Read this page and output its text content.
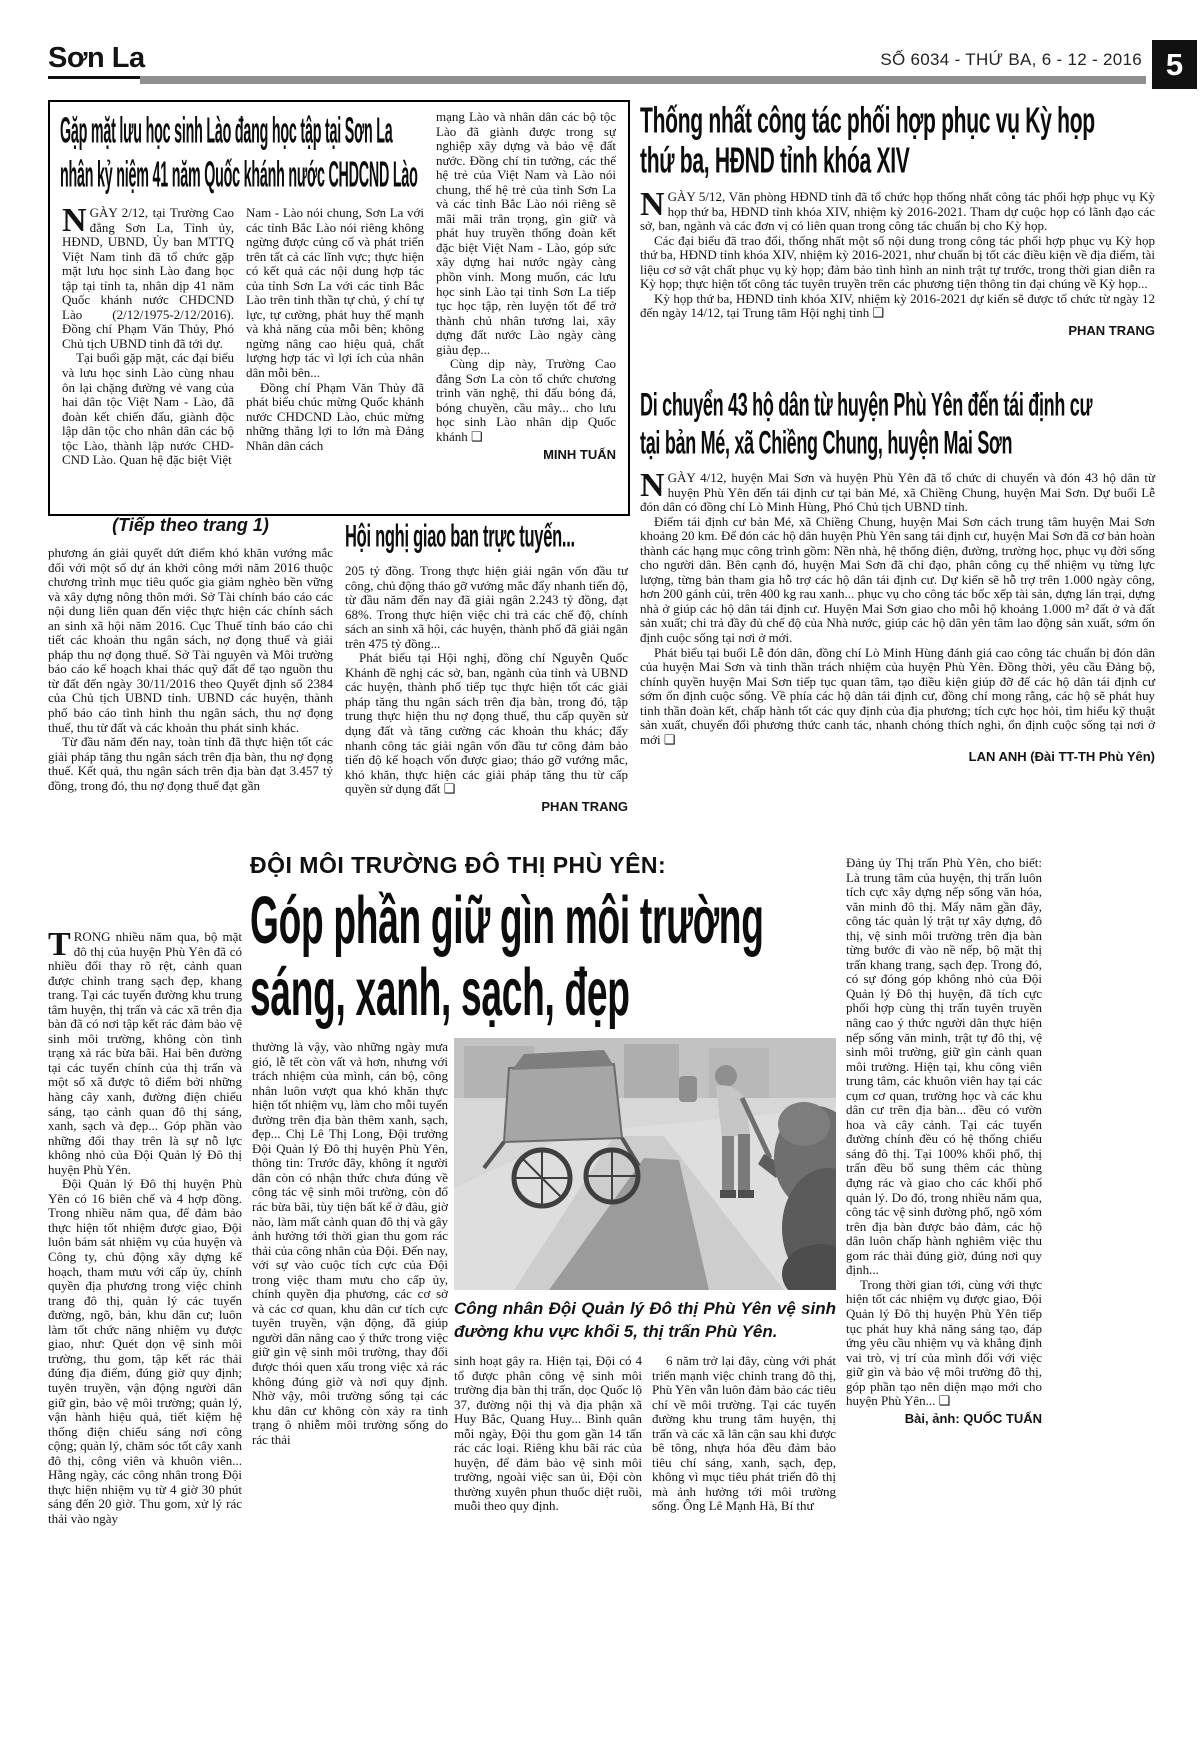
Sơn La	SỐ 6034 - THỨ BA, 6 - 12 - 2016 5
Gặp mặt lưu học sinh Lào đang học tập tại Sơn La
nhân kỷ niệm 41 năm Quốc khánh nước CHDCND Lào

NGÀY 2/12, tại Trường Cao đẳng Sơn La, Tỉnh ủy, HĐND, UBND, Ủy ban MTTQ Việt Nam tỉnh đã tổ chức gặp mặt lưu học sinh Lào đang học tập tại tỉnh ta, nhân dịp 41 năm Quốc khánh nước CHDCND Lào (2/12/1975-2/12/2016). Đồng chí Phạm Văn Thủy, Phó Chủ tịch UBND tỉnh đã tới dự.

Tại buổi gặp mặt, các đại biểu và lưu học sinh Lào cùng nhau ôn lại chặng đường vẻ vang của hai dân tộc Việt Nam - Lào, đã đoàn kết chiến đấu, giành độc lập dân tộc cho nhân dân các bộ tộc Lào, thành lập nước CHD-CND Lào. Quan hệ đặc biệt Việt

Nam - Lào nói chung, Sơn La với các tỉnh Bắc Lào nói riêng không ngừng được củng cố và phát triển trên tất cả các lĩnh vực; thực hiện có kết quả các nội dung hợp tác của tỉnh Sơn La với các tỉnh Bắc Lào trên tinh thần tự chủ, ý chí tự lực, tự cường, phát huy thế mạnh và khả năng của mỗi bên; không ngừng nâng cao hiệu quả, chất lượng hợp tác vì lợi ích của nhân dân mỗi bên...

Đồng chí Phạm Văn Thủy đã phát biểu chúc mừng Quốc khánh nước CHDCND Lào, chúc mừng những thắng lợi to lớn mà Đảng Nhân dân cách

mạng Lào và nhân dân các bộ tộc Lào đã giành được trong sự nghiệp xây dựng và bảo vệ đất nước. Đồng chí tin tưởng, các thế hệ trẻ của Việt Nam và Lào nói chung, thế hệ trẻ của tỉnh Sơn La và các tỉnh Bắc Lào nói riêng sẽ mãi mãi trân trọng, gìn giữ và phát huy truyền thống đoàn kết đặc biệt Việt Nam - Lào, góp sức xây dựng hai nước ngày càng phồn vinh. Mong muốn, các lưu học sinh Lào tại tỉnh Sơn La tiếp tục học tập, rèn luyện tốt để trở thành chủ nhân tương lai, xây dựng đất nước Lào ngày càng giàu đẹp...

Cùng dịp này, Trường Cao đẳng Sơn La còn tổ chức chương trình văn nghệ, thi đấu bóng đá, bóng chuyền, cầu mây... cho lưu học sinh Lào nhân dịp Quốc khánh ❑

MINH TUẤN
Thống nhất công tác phối hợp phục vụ Kỳ họp
thứ ba, HĐND tỉnh khóa XIV

NGÀY 5/12, Văn phòng HĐND tỉnh đã tổ chức họp thống nhất công tác phối hợp phục vụ Kỳ họp thứ ba, HĐND tỉnh khóa XIV, nhiệm kỳ 2016-2021. Tham dự cuộc họp có lãnh đạo các sở, ban, ngành và các đơn vị có liên quan trong công tác chuẩn bị cho Kỳ họp.

Các đại biểu đã trao đổi, thống nhất một số nội dung trong công tác phối hợp phục vụ Kỳ họp thứ ba, HĐND tỉnh khóa XIV, nhiệm kỳ 2016-2021, như chuẩn bị tốt các điều kiện về địa điểm, tài liệu cơ sở vật chất phục vụ kỳ họp; đảm bảo tình hình an ninh trật tự trước, trong thời gian diễn ra Kỳ họp; thực hiện tốt công tác tuyên truyền trên các phương tiện thông tin đại chúng về Kỳ họp...

Kỳ họp thứ ba, HĐND tỉnh khóa XIV, nhiệm kỳ 2016-2021 dự kiến sẽ được tổ chức từ ngày 12 đến ngày 14/12, tại Trung tâm Hội nghị tỉnh ❑

PHAN TRANG
Di chuyển 43 hộ dân từ huyện Phù Yên đến tái định cư
tại bản Mé, xã Chiềng Chung, huyện Mai Sơn

NGÀY 4/12, huyện Mai Sơn và huyện Phù Yên đã tổ chức di chuyển và đón 43 hộ dân từ huyện Phù Yên đến tái định cư tại bản Mé, xã Chiềng Chung, huyện Mai Sơn. Dự buổi Lễ đón dân có đồng chí Lò Minh Hùng, Phó Chủ tịch UBND tỉnh.

Điểm tái định cư bản Mé, xã Chiềng Chung, huyện Mai Sơn cách trung tâm huyện Mai Sơn khoảng 20 km. Để đón các hộ dân huyện Phù Yên sang tái định cư, huyện Mai Sơn đã cơ bản hoàn thành các hạng mục công trình gồm: Nền nhà, hệ thống điện, đường, trường học, phục vụ đời sống cho người dân. Bên cạnh đó, huyện Mai Sơn đã chỉ đạo, phân công cụ thể nhiệm vụ từng lực lượng, từng bản tham gia hỗ trợ các hộ dân tái định cư. Dự kiến sẽ hỗ trợ trên 1.000 ngày công, hơn 200 gánh củi, trên 400 kg rau xanh... phục vụ cho công tác bốc xếp tài sản, dựng lán trại, dựng nhà ở giúp các hộ dân tái định cư. Huyện Mai Sơn giao cho mỗi hộ khoảng 1.000 m² đất ở và đất sản xuất; chi trả đầy đủ chế độ của Nhà nước, giúp các hộ dân yên tâm lao động sản xuất, sớm ổn định cuộc sống tại nơi ở mới.

Phát biểu tại buổi Lễ đón dân, đồng chí Lò Minh Hùng đánh giá cao công tác chuẩn bị đón dân của huyện Mai Sơn và tinh thần trách nhiệm của huyện Phù Yên. Đồng thời, yêu cầu Đảng bộ, chính quyền huyện Mai Sơn tiếp tục quan tâm, tạo điều kiện giúp đỡ để các hộ dân tái định cư sớm ổn định cuộc sống. Về phía các hộ dân tái định cư, đồng chí mong rằng, các hộ sẽ phát huy tinh thần đoàn kết, chấp hành tốt các quy định của địa phương; tích cực học hỏi, tìm hiểu kỹ thuật sản xuất, chuyển đổi phương thức canh tác, nhanh chóng thích nghi, ổn định cuộc sống tại nơi ở mới ❑

LAN ANH (Đài TT-TH Phù Yên)
(Tiếp theo trang 1)

phương án giải quyết dứt điểm khó khăn vướng mắc đối với một số dự án khởi công mới năm 2016 thuộc chương trình mục tiêu quốc gia giảm nghèo bền vững và xây dựng nông thôn mới. Sở Tài chính báo cáo các nội dung liên quan đến việc thực hiện các chính sách an sinh xã hội năm 2016. Cục Thuế tỉnh báo cáo chi tiết các khoản thu ngân sách, nợ đọng thuế và giải pháp thu nợ đọng thuế. Sở Tài nguyên và Môi trường báo cáo kế hoạch khai thác quỹ đất để tạo nguồn thu từ đất đến ngày 30/11/2016 theo Quyết định số 2384 của Chủ tịch UBND tỉnh. UBND các huyện, thành phố báo cáo tình hình thu ngân sách, thu nợ đọng thuế, thu từ đất và các khoản thu phát sinh khác.

Từ đầu năm đến nay, toàn tỉnh đã thực hiện tốt các giải pháp tăng thu ngân sách trên địa bàn, thu nợ đọng thuế. Kết quả, thu ngân sách trên địa bàn đạt 3.457 tỷ đồng, trong đó, thu nợ đọng thuế đạt gần

Hội nghị giao ban trực tuyến...

205 tỷ đồng. Trong thực hiện giải ngân vốn đầu tư công, chủ động tháo gỡ vướng mắc đẩy nhanh tiến độ, từ đầu năm đến nay đã giải ngân 2.243 tỷ đồng, đạt 68%. Trong thực hiện việc chi trả các chế độ, chính sách an sinh xã hội, các huyện, thành phố đã giải ngân trên 475 tỷ đồng...

Phát biểu tại Hội nghị, đồng chí Nguyễn Quốc Khánh đề nghị các sở, ban, ngành của tỉnh và UBND các huyện, thành phố tiếp tục thực hiện tốt các giải pháp tăng thu ngân sách trên địa bàn, trong đó, tập trung thực hiện thu nợ đọng thuế, thu cấp quyền sử dụng đất và tăng cường các khoản thu khác; đẩy nhanh công tác giải ngân vốn đầu tư công đảm bảo tiến độ kế hoạch vốn được giao; tháo gỡ vướng mắc, khó khăn, thực hiện các giải pháp tăng thu từ cấp quyền sử dụng đất ❑

PHAN TRANG
ĐỘI MÔI TRƯỜNG ĐÔ THỊ PHÙ YÊN:
Góp phần giữ gìn môi trường
sáng, xanh, sạch, đẹp

TRONG nhiều năm qua, bộ mặt đô thị của huyện Phù Yên đã có nhiều đổi thay rõ rệt, cảnh quan được chỉnh trang sạch đẹp, khang trang. Tại các tuyến đường khu trung tâm huyện, thị trấn và các xã trên địa bàn đã có nơi tập kết rác đảm bảo vệ sinh môi trường, không còn tình trạng xả rác bừa bãi. Hai bên đường tại các tuyến chính của thị trấn và một số xã được tô điểm bởi những hàng cây xanh, đường điện chiếu sáng, tạo cảnh quan đô thị sáng, xanh, sạch và đẹp... Góp phần vào những đổi thay trên là sự nỗ lực không nhỏ của Đội Quản lý Đô thị huyện Phù Yên.

Đội Quản lý Đô thị huyện Phù Yên có 16 biên chế và 4 hợp đồng. Trong nhiều năm qua, để đảm bảo thực hiện tốt nhiệm được giao, Đội luôn bám sát nhiệm vụ của huyện và Công ty, chủ động xây dựng kế hoạch, tham mưu với cấp ủy, chính quyền địa phương trong việc chỉnh trang đô thị, quản lý các tuyến đường, ngõ, bản, khu dân cư; luôn làm tốt chức năng nhiệm vụ được giao, như: Quét dọn vệ sinh môi trường, thu gom, tập kết rác thải đúng địa điểm, đúng giờ quy định; tuyên truyền, vận động người dân giữ gìn, bảo vệ môi trường; quản lý, vận hành hiệu quả, tiết kiệm hệ thống điện chiếu sáng nơi công cộng; quản lý, chăm sóc tốt cây xanh đô thị, công viên và khuôn viên... Hằng ngày, các công nhân trong Đội thực hiện nhiệm vụ từ 4 giờ 30 phút sáng đến 20 giờ. Thu gom, xử lý rác thải vào ngày

thường là vậy, vào những ngày mưa gió, lễ tết còn vất vả hơn, nhưng với trách nhiệm của mình, cán bộ, công nhân luôn vượt qua khó khăn thực hiện tốt nhiệm vụ, làm cho mỗi tuyến đường trên địa bàn thêm xanh, sạch, đẹp... Chị Lê Thị Long, Đội trưởng Đội Quản lý Đô thị huyện Phù Yên, thông tin: Trước đây, không ít người dân còn có nhận thức chưa đúng về công tác vệ sinh môi trường, còn đổ rác bừa bãi, tùy tiện bất kể ở đâu, giờ nào, làm mất cảnh quan đô thị và gây ảnh hưởng tới thời gian thu gom rác thải của công nhân của Đội. Đến nay, với sự vào cuộc tích cực của Đội trong việc tham mưu cho cấp ủy, chính quyền địa phương, các cơ sở và các cơ quan, khu dân cư tích cực tuyên truyền, vận động, đã giúp người dân nâng cao ý thức trong việc giữ gìn vệ sinh môi trường, thay đổi được thói quen xấu trong việc xả rác không đúng giờ và nơi quy định. Nhờ vậy, môi trường sống tại các khu dân cư không còn xảy ra tình trạng ô nhiễm môi trường sống do rác thải

Công nhân Đội Quản lý Đô thị Phù Yên vệ sinh đường khu vực khối 5, thị trấn Phù Yên.

sinh hoạt gây ra. Hiện tại, Đội có 4 tổ được phân công vệ sinh môi trường địa bàn thị trấn, dọc Quốc lộ 37, đường nội thị và địa phận xã Huy Bắc, Quang Huy... Bình quân mỗi ngày, Đội thu gom gần 14 tấn rác các loại. Riêng khu bãi rác của huyện, để đảm bảo vệ sinh môi trường, ngoài việc san ủi, Đội còn thường xuyên phun thuốc diệt ruồi, muỗi theo quy định.

6 năm trở lại đây, cùng với phát triển mạnh việc chỉnh trang đô thị, Phù Yên vẫn luôn đảm bảo các tiêu chí về môi trường. Tại các tuyến đường khu trung tâm huyện, thị trấn và các xã lân cận sau khi được bê tông, nhựa hóa đều đảm bảo tiêu chí sáng, xanh, sạch, đẹp, không vì mục tiêu phát triển đô thị mà ảnh hưởng tới môi trường sống. Ông Lê Mạnh Hà, Bí thư

Đảng ủy Thị trấn Phù Yên, cho biết: Là trung tâm của huyện, thị trấn luôn tích cực xây dựng nếp sống văn hóa, văn minh đô thị. Mấy năm gần đây, công tác quản lý trật tự xây dựng, đô thị, vệ sinh môi trường trên địa bàn từng bước đi vào nề nếp, bộ mặt thị trấn khang trang, sạch đẹp. Trong đó, có sự đóng góp không nhỏ của Đội Quản lý Đô thị huyện, đã tích cực phối hợp cùng thị trấn tuyên truyền nâng cao ý thức người dân thực hiện nếp sống văn minh, trật tự đô thị, vệ sinh môi trường, giữ gìn cảnh quan môi trường. Hiện tại, khu công viên trung tâm, các khuôn viên hay tại các cụm cơ quan, trường học và các khu dân cư trên địa bàn... đều có vườn hoa và cây cảnh. Tại các tuyến đường chính đều có hệ thống chiếu sáng đô thị. Tại 100% khối phố, thị trấn đều bổ sung thêm các thùng đựng rác và giao cho các khối phố quản lý. Do đó, trong nhiều năm qua, công tác vệ sinh đường phố, ngõ xóm trên địa bàn được bảo đảm, các hộ dân luôn chấp hành nghiêm việc thu gom rác thải đúng giờ, đúng nơi quy định...

Trong thời gian tới, cùng với thực hiện tốt các nhiệm vụ được giao, Đội Quản lý Đô thị huyện Phù Yên tiếp tục phát huy khả năng sáng tạo, đáp ứng yêu cầu nhiệm vụ và khẳng định vai trò, vị trí của mình đối với việc giữ gìn và bảo vệ môi trường đô thị, góp phần tạo nên diện mạo mới cho huyện Phù Yên... ❑

Bài, ảnh: QUỐC TUẤN
